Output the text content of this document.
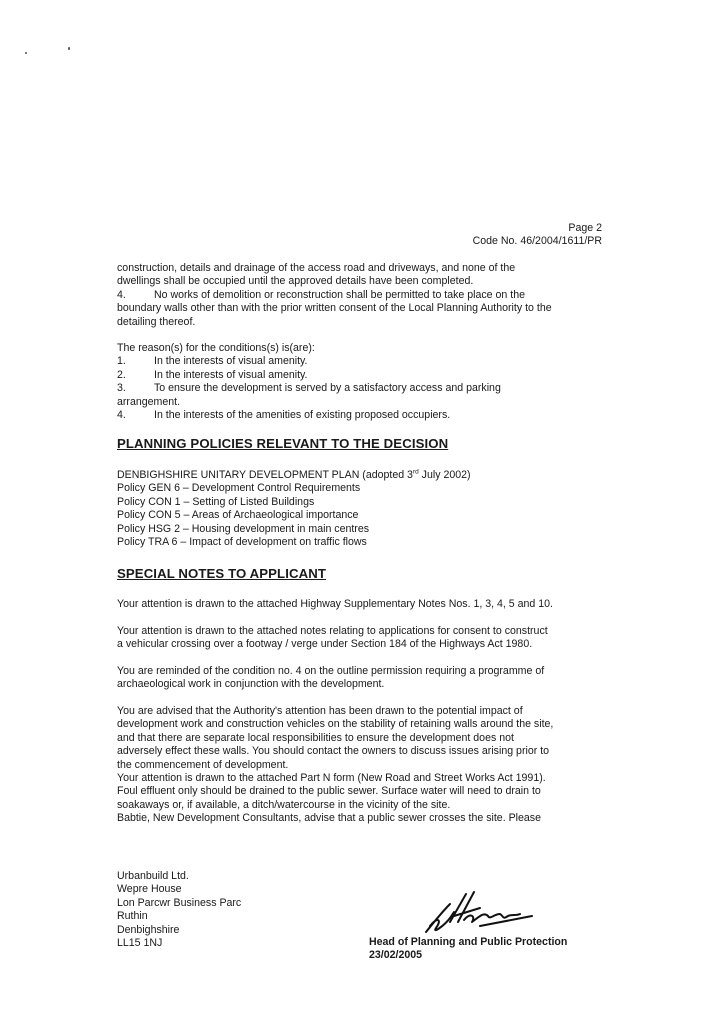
Page 2
Code No. 46/2004/1611/PR
construction, details and drainage of the access road and driveways, and none of the
dwellings shall be occupied until the approved details have been completed.
4.	No works of demolition or reconstruction shall be permitted to take place on the
boundary walls other than with the prior written consent of the Local Planning Authority to the
detailing thereof.
The reason(s) for the conditions(s) is(are):
1.	In the interests of visual amenity.
2.	In the interests of visual amenity.
3.	To ensure the development is served by a satisfactory access and parking
arrangement.
4.	In the interests of the amenities of existing proposed occupiers.
PLANNING POLICIES RELEVANT TO THE DECISION
DENBIGHSHIRE UNITARY DEVELOPMENT PLAN (adopted 3rd July 2002)
Policy GEN 6 – Development Control Requirements
Policy CON 1 – Setting of Listed Buildings
Policy CON 5 – Areas of Archaeological importance
Policy HSG 2 – Housing development in main centres
Policy TRA 6 – Impact of development on traffic flows
SPECIAL NOTES TO APPLICANT
Your attention is drawn to the attached Highway Supplementary Notes Nos. 1, 3, 4, 5 and 10.
Your attention is drawn to the attached notes relating to applications for consent to construct
a vehicular crossing over a footway / verge under Section 184 of the Highways Act 1980.
You are reminded of the condition no. 4 on the outline permission requiring a programme of
archaeological work in conjunction with the development.
You are advised that the Authority's attention has been drawn to the potential impact of
development work and construction vehicles on the stability of retaining walls around the site,
and that there are separate local responsibilities to ensure the development does not
adversely effect these walls. You should contact the owners to discuss issues arising prior to
the commencement of development.
Your attention is drawn to the attached Part N form (New Road and Street Works Act 1991).
Foul effluent only should be drained to the public sewer. Surface water will need to drain to
soakaways or, if available, a ditch/watercourse in the vicinity of the site.
Babtie, New Development Consultants, advise that a public sewer crosses the site. Please
Urbanbuild Ltd.
Wepre House
Lon Parcwr Business Parc
Ruthin
Denbighshire
LL15 1NJ	Head of Planning and Public Protection
23/02/2005
